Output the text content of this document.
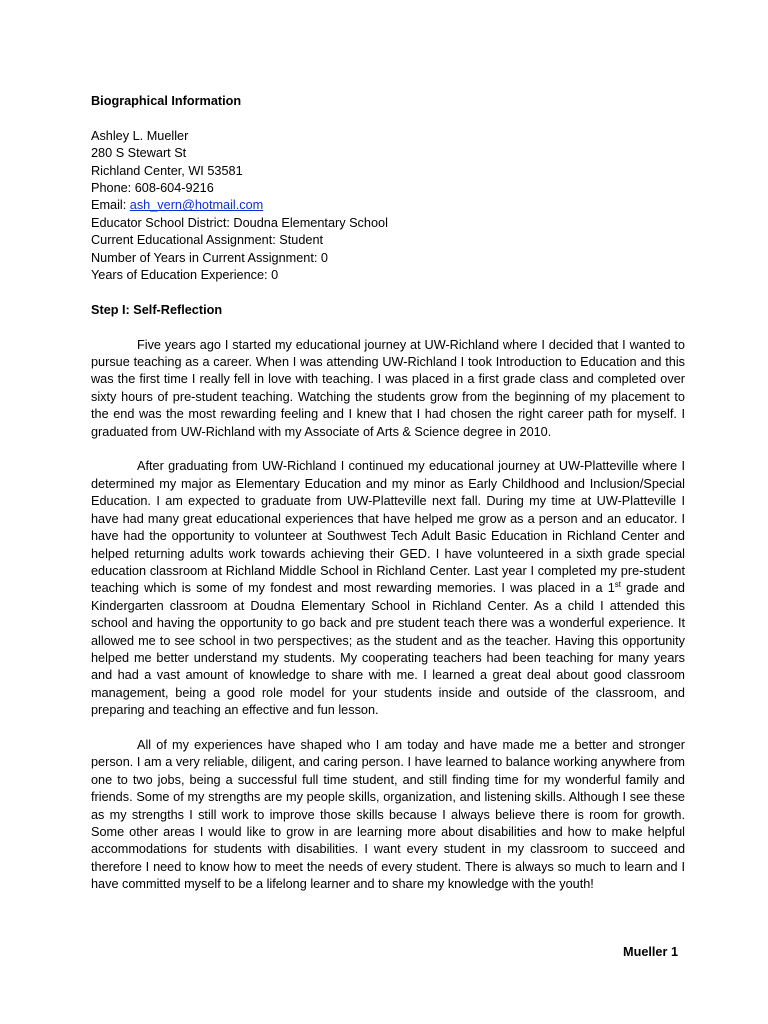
Biographical Information

Ashley L. Mueller

280 S Stewart St

Richland Center, WI 53581

Phone: 608-604-9216

Email: ash_vern@hotmail.com

Educator School District: Doudna Elementary School

Current Educational Assignment: Student

Number of Years in Current Assignment: 0

Years of Education Experience: 0

Step I: Self-Reflection

Five years ago I started my educational journey at UW-Richland where I decided that I wanted to pursue teaching as a career. When I was attending UW-Richland I took Introduction to Education and this was the first time I really fell in love with teaching. I was placed in a first grade class and completed over sixty hours of pre-student teaching. Watching the students grow from the beginning of my placement to the end was the most rewarding feeling and I knew that I had chosen the right career path for myself. I graduated from UW-Richland with my Associate of Arts & Science degree in 2010.

After graduating from UW-Richland I continued my educational journey at UW-Platteville where I determined my major as Elementary Education and my minor as Early Childhood and Inclusion/Special Education. I am expected to graduate from UW-Platteville next fall. During my time at UW-Platteville I have had many great educational experiences that have helped me grow as a person and an educator. I have had the opportunity to volunteer at Southwest Tech Adult Basic Education in Richland Center and helped returning adults work towards achieving their GED. I have volunteered in a sixth grade special education classroom at Richland Middle School in Richland Center. Last year I completed my pre-student teaching which is some of my fondest and most rewarding memories. I was placed in a 1st grade and Kindergarten classroom at Doudna Elementary School in Richland Center. As a child I attended this school and having the opportunity to go back and pre student teach there was a wonderful experience. It allowed me to see school in two perspectives; as the student and as the teacher. Having this opportunity helped me better understand my students. My cooperating teachers had been teaching for many years and had a vast amount of knowledge to share with me. I learned a great deal about good classroom management, being a good role model for your students inside and outside of the classroom, and preparing and teaching an effective and fun lesson.

All of my experiences have shaped who I am today and have made me a better and stronger person. I am a very reliable, diligent, and caring person. I have learned to balance working anywhere from one to two jobs, being a successful full time student, and still finding time for my wonderful family and friends. Some of my strengths are my people skills, organization, and listening skills. Although I see these as my strengths I still work to improve those skills because I always believe there is room for growth. Some other areas I would like to grow in are learning more about disabilities and how to make helpful accommodations for students with disabilities. I want every student in my classroom to succeed and therefore I need to know how to meet the needs of every student. There is always so much to learn and I have committed myself to be a lifelong learner and to share my knowledge with the youth!

Mueller 1
